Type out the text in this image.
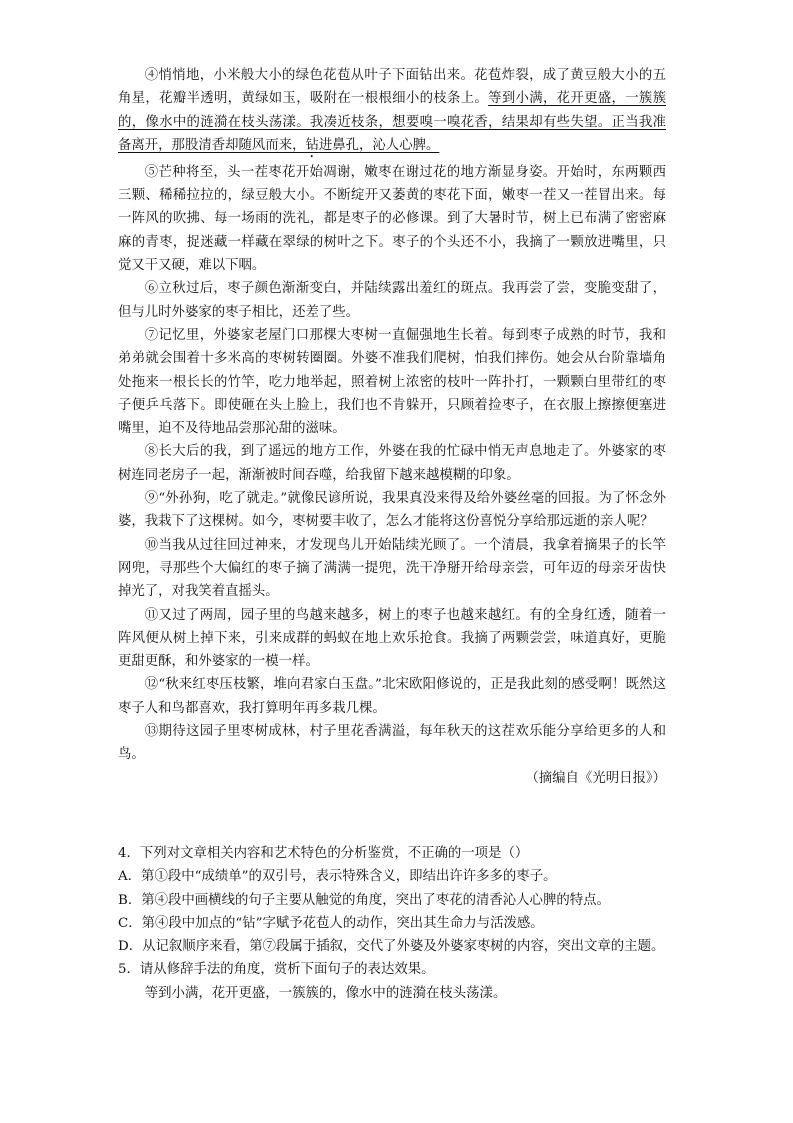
④悄悄地，小米般大小的绿色花苞从叶子下面钻出来。花苞炸裂，成了黄豆般大小的五角星，花瓣半透明，黄绿如玉，吸附在一根根细小的枝条上。等到小满，花开更盛，一簇簇的，像水中的涟漪在枝头荡漾。我凑近枝条，想要嗅一嗅花香，结果却有些失望。正当我准备离开，那股清香却随风而来，钻进鼻孔，沁人心脾。

⑤芒种将至，头一茬枣花开始凋谢，嫩枣在谢过花的地方渐显身姿。开始时，东两颗西三颗、稀稀拉拉的，绿豆般大小。不断绽开又萎黄的枣花下面，嫩枣一茬又一茬冒出来。每一阵风的吹拂、每一场雨的洗礼，都是枣子的必修课。到了大暑时节，树上已布满了密密麻麻的青枣，捉迷藏一样藏在翠绿的树叶之下。枣子的个头还不小，我摘了一颗放进嘴里，只觉又干又硬，难以下咽。

⑥立秋过后，枣子颜色渐渐变白，并陆续露出羞红的斑点。我再尝了尝，变脆变甜了，但与儿时外婆家的枣子相比，还差了些。

⑦记忆里，外婆家老屋门口那棵大枣树一直倔强地生长着。每到枣子成熟的时节，我和弟弟就会围着十多米高的枣树转圈圈。外婆不准我们爬树，怕我们摔伤。她会从台阶靠墙角处拖来一根长长的竹竿，吃力地举起，照着树上浓密的枝叶一阵扑打，一颗颗白里带红的枣子便乒乓落下。即使砸在头上脸上，我们也不肯躲开，只顾着捡枣子，在衣服上擦擦便塞进嘴里，迫不及待地品尝那沁甜的滋味。

⑧长大后的我，到了遥远的地方工作，外婆在我的忙碌中悄无声息地走了。外婆家的枣树连同老房子一起，渐渐被时间吞噬，给我留下越来越模糊的印象。

⑨“外孙狗，吃了就走。”就像民谚所说，我果真没来得及给外婆丝毫的回报。为了怀念外婆，我栽下了这棵树。如今，枣树要丰收了，怎么才能将这份喜悦分享给那远逝的亲人呢？

⑩当我从过往回过神来，才发现鸟儿开始陆续光顾了。一个清晨，我拿着摘果子的长竿网兜，寻那些个大偏红的枣子摘了满满一提兜，洗干净掰开给母亲尝，可年迈的母亲牙齿快掉光了，对我笑着直摇头。

⑪又过了两周，园子里的鸟越来越多，树上的枣子也越来越红。有的全身红透，随着一阵风便从树上掉下来，引来成群的蚂蚁在地上欢乐抢食。我摘了两颗尝尝，味道真好，更脆更甜更酥，和外婆家的一模一样。

⑫“秋来红枣压枝繁，堆向君家白玉盘。”北宋欧阳修说的，正是我此刻的感受啊！既然这枣子人和鸟都喜欢，我打算明年再多栽几棵。

⑬期待这园子里枣树成林，村子里花香满溢，每年秋天的这茬欢乐能分享给更多的人和鸟。

（摘编自《光明日报》）

4．下列对文章相关内容和艺术特色的分析鉴赏，不正确的一项是（）

A．第①段中“成绩单”的双引号，表示特殊含义，即结出许许多多的枣子。

B．第④段中画横线的句子主要从触觉的角度，突出了枣花的清香沁人心脾的特点。

C．第④段中加点的“钻”字赋予花苞人的动作，突出其生命力与活泼感。

D．从记叙顺序来看，第⑦段属于插叙，交代了外婆及外婆家枣树的内容，突出文章的主题。

5．请从修辞手法的角度，赏析下面句子的表达效果。

等到小满，花开更盛，一簇簇的，像水中的涟漪在枝头荡漾。
